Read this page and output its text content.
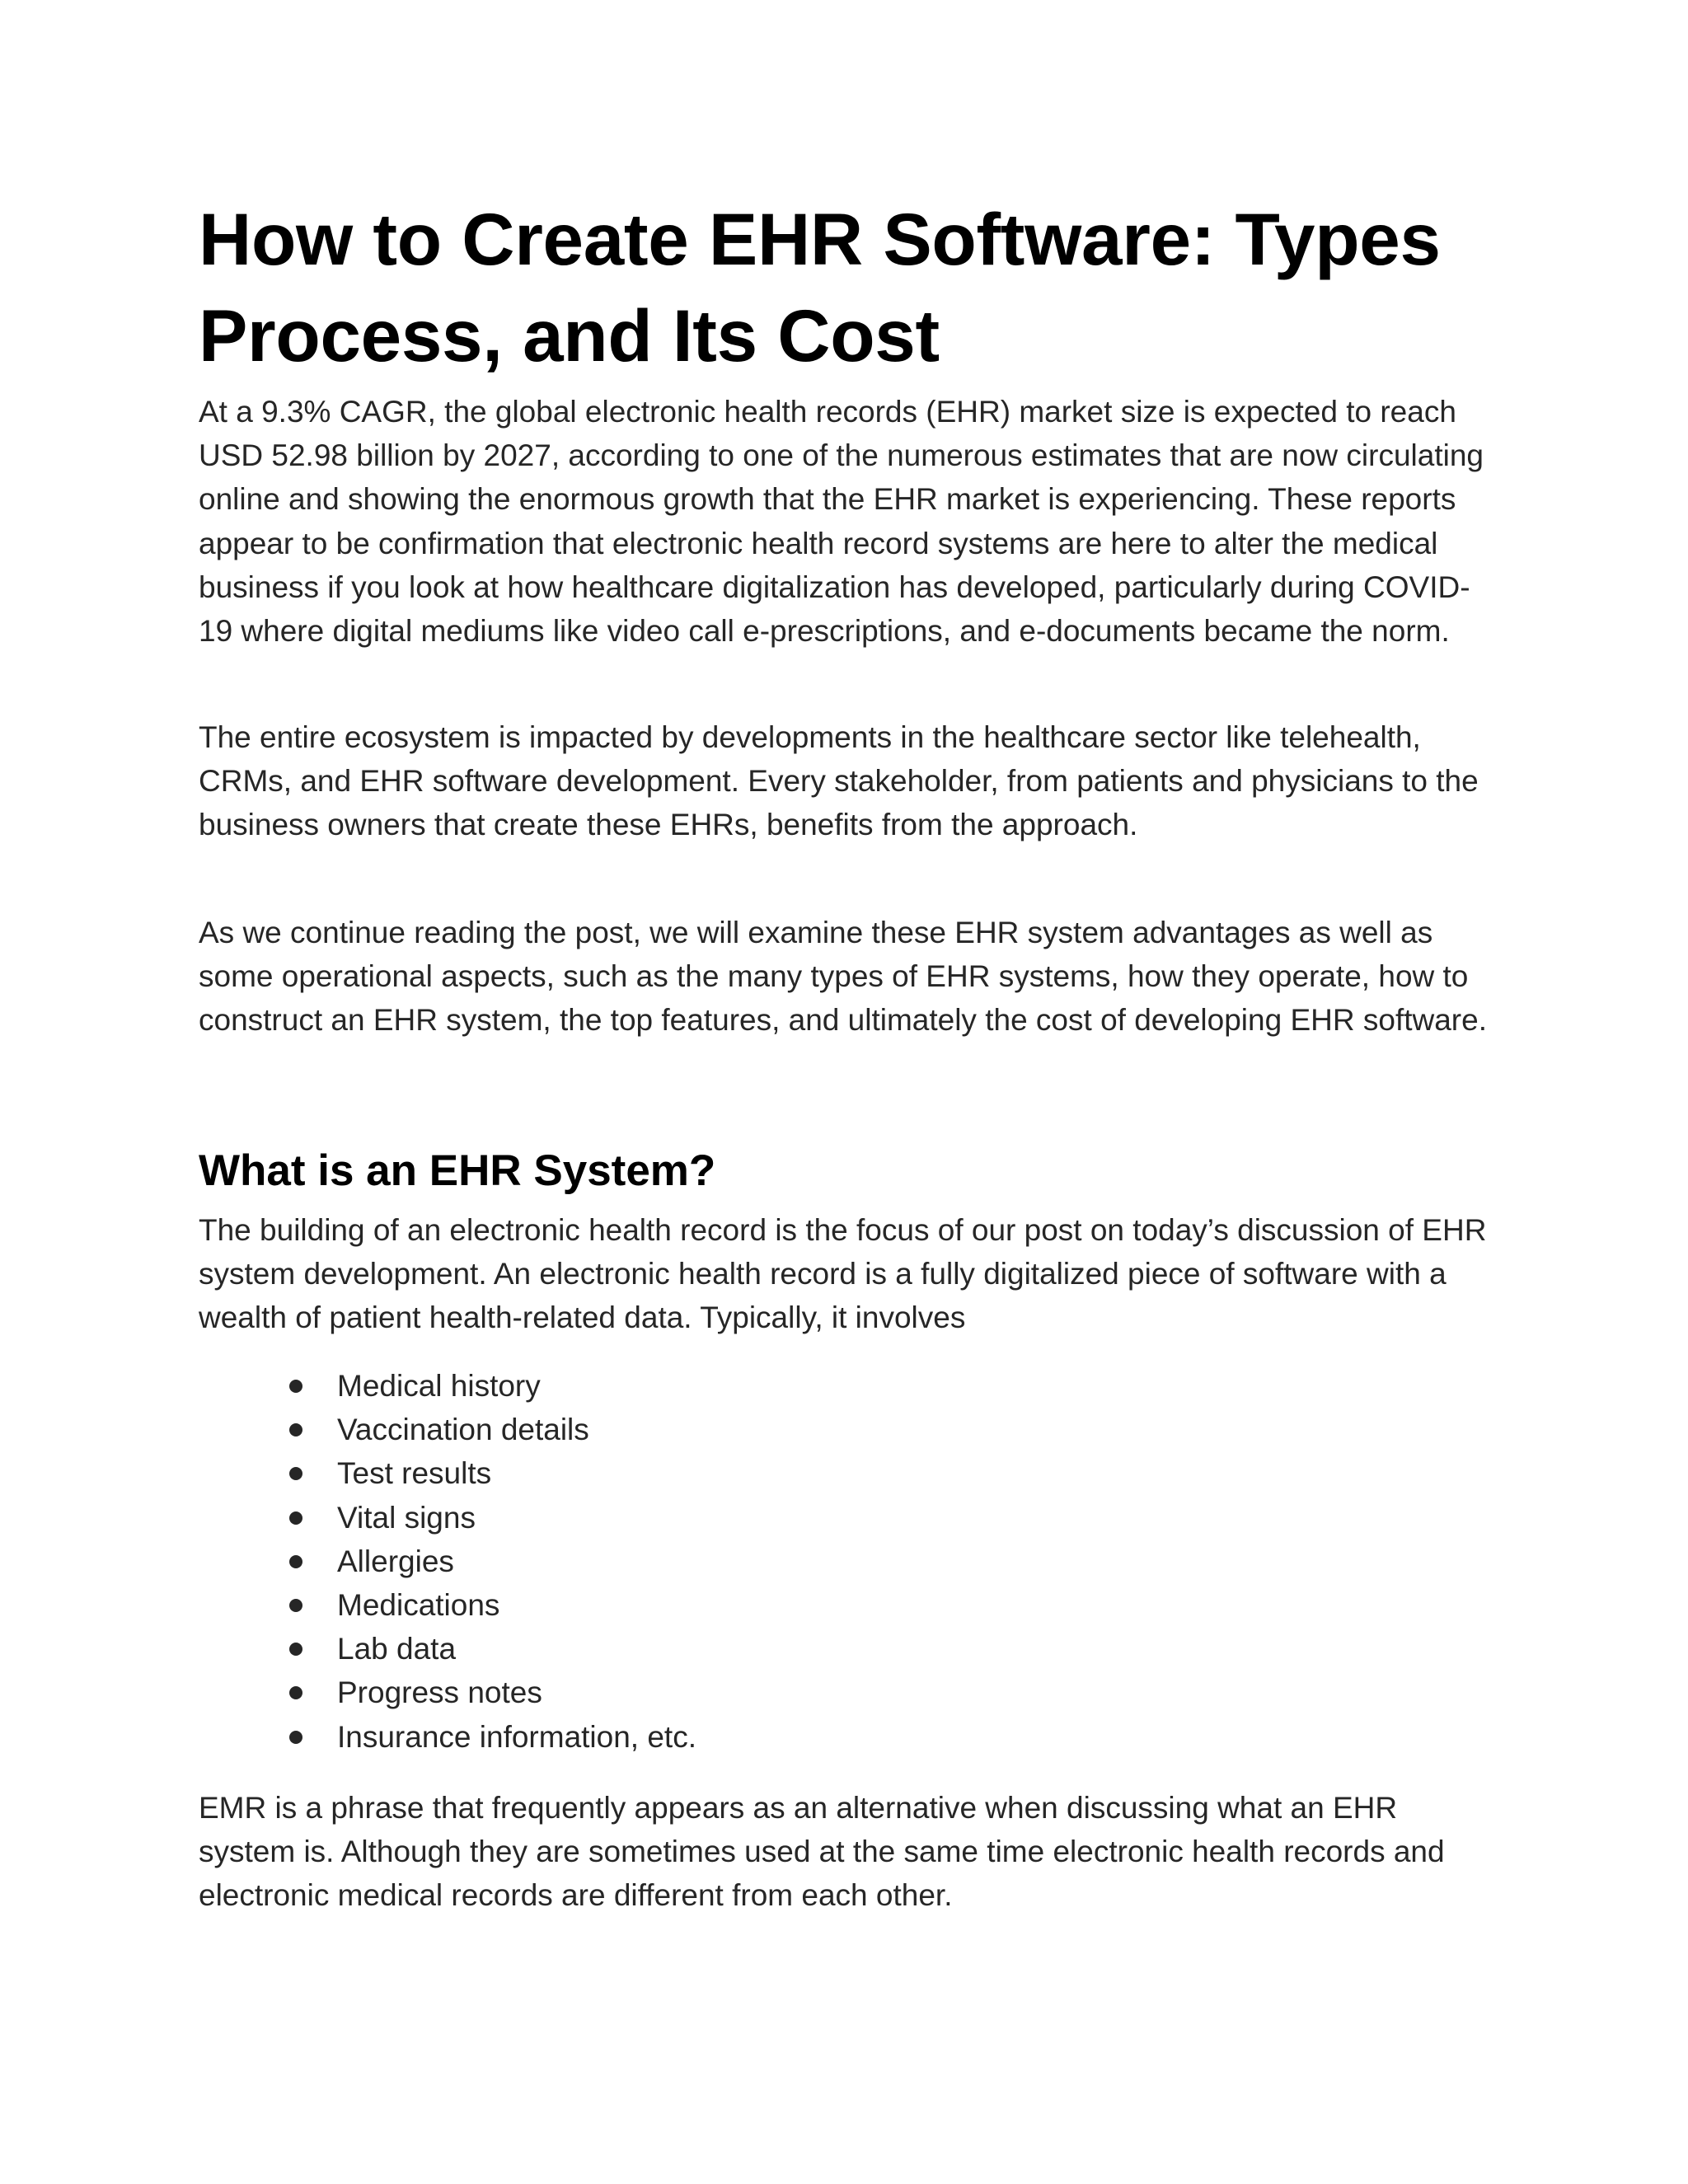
How to Create EHR Software: Types Process, and Its Cost

At a 9.3% CAGR, the global electronic health records (EHR) market size is expected to reach USD 52.98 billion by 2027, according to one of the numerous estimates that are now circulating online and showing the enormous growth that the EHR market is experiencing. These reports appear to be confirmation that electronic health record systems are here to alter the medical business if you look at how healthcare digitalization has developed, particularly during COVID-19 where digital mediums like video call e-prescriptions, and e-documents became the norm.

The entire ecosystem is impacted by developments in the healthcare sector like telehealth, CRMs, and EHR software development. Every stakeholder, from patients and physicians to the business owners that create these EHRs, benefits from the approach.

As we continue reading the post, we will examine these EHR system advantages as well as some operational aspects, such as the many types of EHR systems, how they operate, how to construct an EHR system, the top features, and ultimately the cost of developing EHR software.

What is an EHR System?

The building of an electronic health record is the focus of our post on today’s discussion of EHR system development. An electronic health record is a fully digitalized piece of software with a wealth of patient health-related data. Typically, it involves

Medical history
Vaccination details
Test results
Vital signs
Allergies
Medications
Lab data
Progress notes
Insurance information, etc.

EMR is a phrase that frequently appears as an alternative when discussing what an EHR system is. Although they are sometimes used at the same time electronic health records and electronic medical records are different from each other.
